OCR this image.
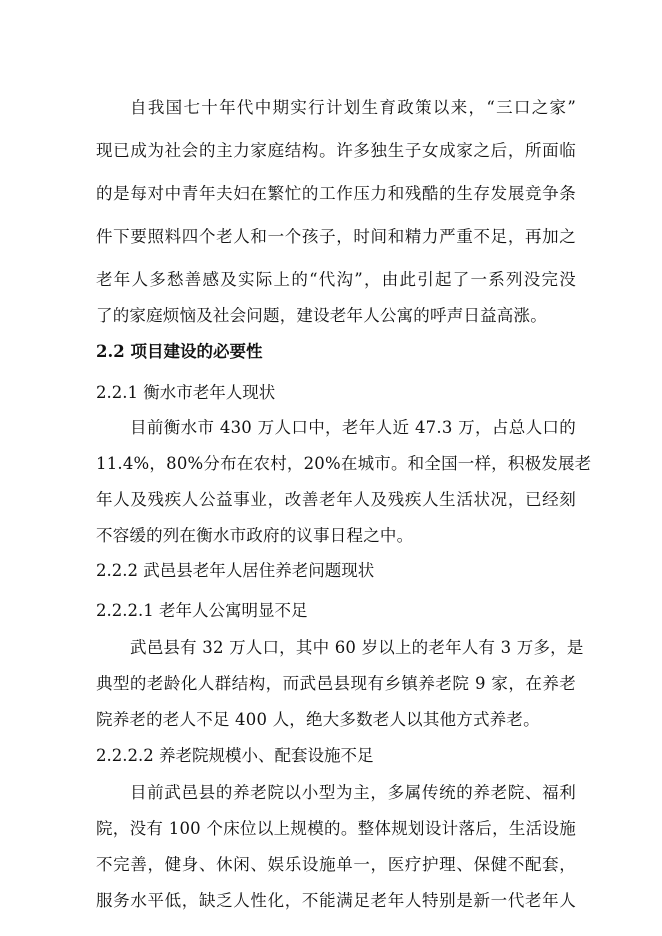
自我国七十年代中期实行计划生育政策以来，“三口之家”
现已成为社会的主力家庭结构。许多独生子女成家之后，所面临
的是每对中青年夫妇在繁忙的工作压力和残酷的生存发展竞争条
件下要照料四个老人和一个孩子，时间和精力严重不足，再加之
老年人多愁善感及实际上的“代沟”，由此引起了一系列没完没
了的家庭烦恼及社会问题，建设老年人公寓的呼声日益高涨。
2.2 项目建设的必要性
2.2.1 衡水市老年人现状
目前衡水市 430 万人口中，老年人近 47.3 万，占总人口的
11.4%，80%分布在农村，20%在城市。和全国一样，积极发展老
年人及残疾人公益事业，改善老年人及残疾人生活状况，已经刻
不容缓的列在衡水市政府的议事日程之中。
2.2.2 武邑县老年人居住养老问题现状
2.2.2.1 老年人公寓明显不足
武邑县有 32 万人口，其中 60 岁以上的老年人有 3 万多，是
典型的老龄化人群结构，而武邑县现有乡镇养老院 9 家，在养老
院养老的老人不足 400 人，绝大多数老人以其他方式养老。
2.2.2.2 养老院规模小、配套设施不足
目前武邑县的养老院以小型为主，多属传统的养老院、福利
院，没有 100 个床位以上规模的。整体规划设计落后，生活设施
不完善，健身、休闲、娱乐设施单一，医疗护理、保健不配套，
服务水平低，缺乏人性化，不能满足老年人特别是新一代老年人
